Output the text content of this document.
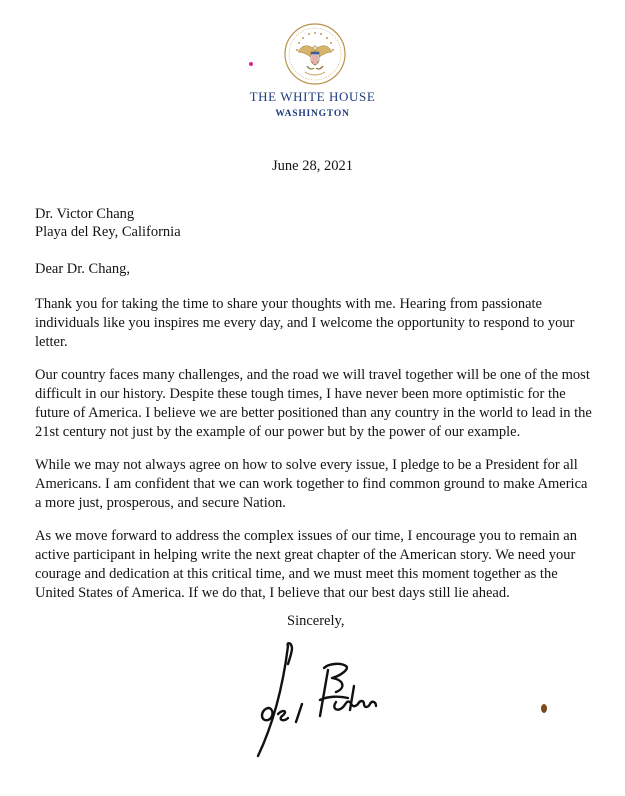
THE WHITE HOUSE
WASHINGTON
June 28, 2021
Dr. Victor Chang
Playa del Rey, California
Dear Dr. Chang,
Thank you for taking the time to share your thoughts with me. Hearing from passionate
individuals like you inspires me every day, and I welcome the opportunity to respond to your
letter.
Our country faces many challenges, and the road we will travel together will be one of the most
difficult in our history. Despite these tough times, I have never been more optimistic for the
future of America. I believe we are better positioned than any country in the world to lead in the
21st century not just by the example of our power but by the power of our example.
While we may not always agree on how to solve every issue, I pledge to be a President for all
Americans. I am confident that we can work together to find common ground to make America
a more just, prosperous, and secure Nation.
As we move forward to address the complex issues of our time, I encourage you to remain an
active participant in helping write the next great chapter of the American story. We need your
courage and dedication at this critical time, and we must meet this moment together as the
United States of America. If we do that, I believe that our best days still lie ahead.
Sincerely,
